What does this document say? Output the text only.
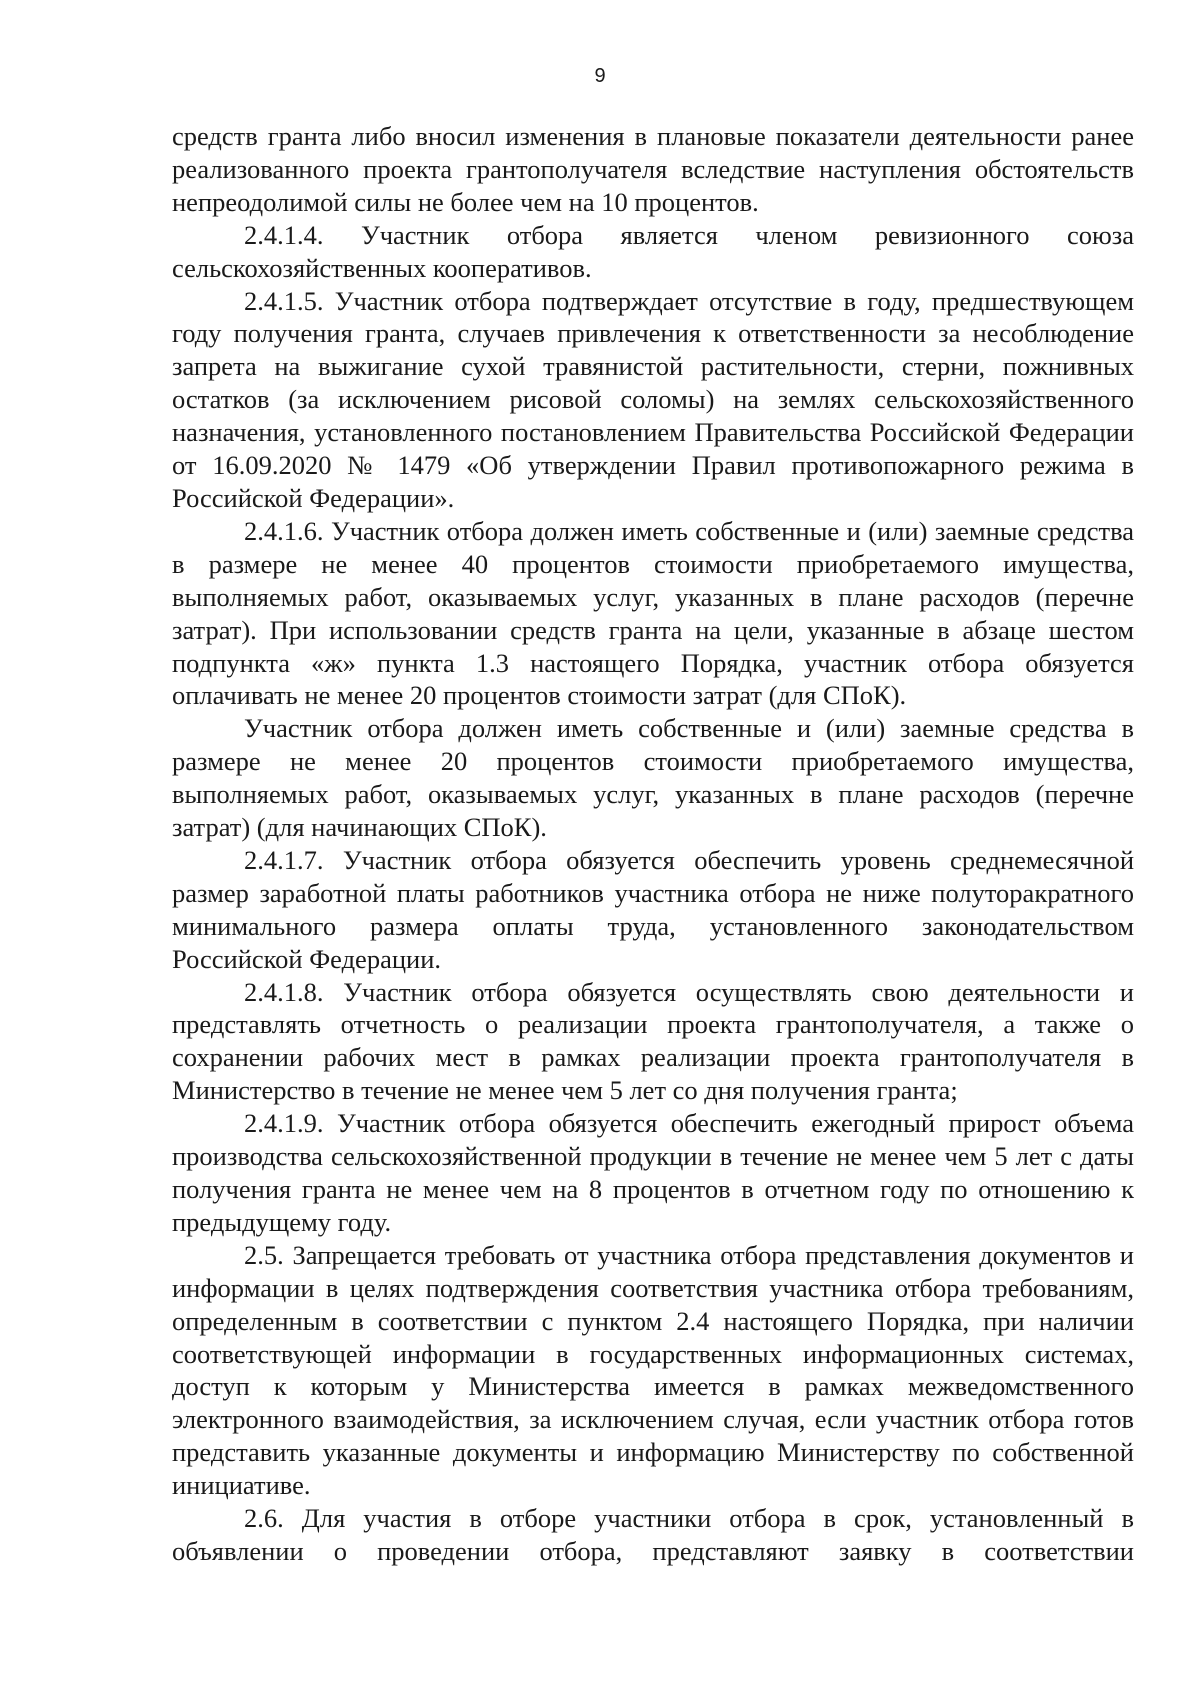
9

средств гранта либо вносил изменения в плановые показатели деятельности ранее реализованного проекта грантополучателя вследствие наступления обстоятельств непреодолимой силы не более чем на 10 процентов.

2.4.1.4. Участник отбора является членом ревизионного союза сельскохозяйственных кооперативов.

2.4.1.5. Участник отбора подтверждает отсутствие в году, предшествующем году получения гранта, случаев привлечения к ответственности за несоблюдение запрета на выжигание сухой травянистой растительности, стерни, пожнивных остатков (за исключением рисовой соломы) на землях сельскохозяйственного назначения, установленного постановлением Правительства Российской Федерации от 16.09.2020 № 1479 «Об утверждении Правил противопожарного режима в Российской Федерации».

2.4.1.6. Участник отбора должен иметь собственные и (или) заемные средства в размере не менее 40 процентов стоимости приобретаемого имущества, выполняемых работ, оказываемых услуг, указанных в плане расходов (перечне затрат). При использовании средств гранта на цели, указанные в абзаце шестом подпункта «ж» пункта 1.3 настоящего Порядка, участник отбора обязуется оплачивать не менее 20 процентов стоимости затрат (для СПоК).

Участник отбора должен иметь собственные и (или) заемные средства в размере не менее 20 процентов стоимости приобретаемого имущества, выполняемых работ, оказываемых услуг, указанных в плане расходов (перечне затрат) (для начинающих СПоК).

2.4.1.7. Участник отбора обязуется обеспечить уровень среднемесячной размер заработной платы работников участника отбора не ниже полуторакратного минимального размера оплаты труда, установленного законодательством Российской Федерации.

2.4.1.8. Участник отбора обязуется осуществлять свою деятельности и представлять отчетность о реализации проекта грантополучателя, а также о сохранении рабочих мест в рамках реализации проекта грантополучателя в Министерство в течение не менее чем 5 лет со дня получения гранта;

2.4.1.9. Участник отбора обязуется обеспечить ежегодный прирост объема производства сельскохозяйственной продукции в течение не менее чем 5 лет с даты получения гранта не менее чем на 8 процентов в отчетном году по отношению к предыдущему году.

2.5. Запрещается требовать от участника отбора представления документов и информации в целях подтверждения соответствия участника отбора требованиям, определенным в соответствии с пунктом 2.4 настоящего Порядка, при наличии соответствующей информации в государственных информационных системах, доступ к которым у Министерства имеется в рамках межведомственного электронного взаимодействия, за исключением случая, если участник отбора готов представить указанные документы и информацию Министерству по собственной инициативе.

2.6. Для участия в отборе участники отбора в срок, установленный в объявлении о проведении отбора, представляют заявку в соответствии
